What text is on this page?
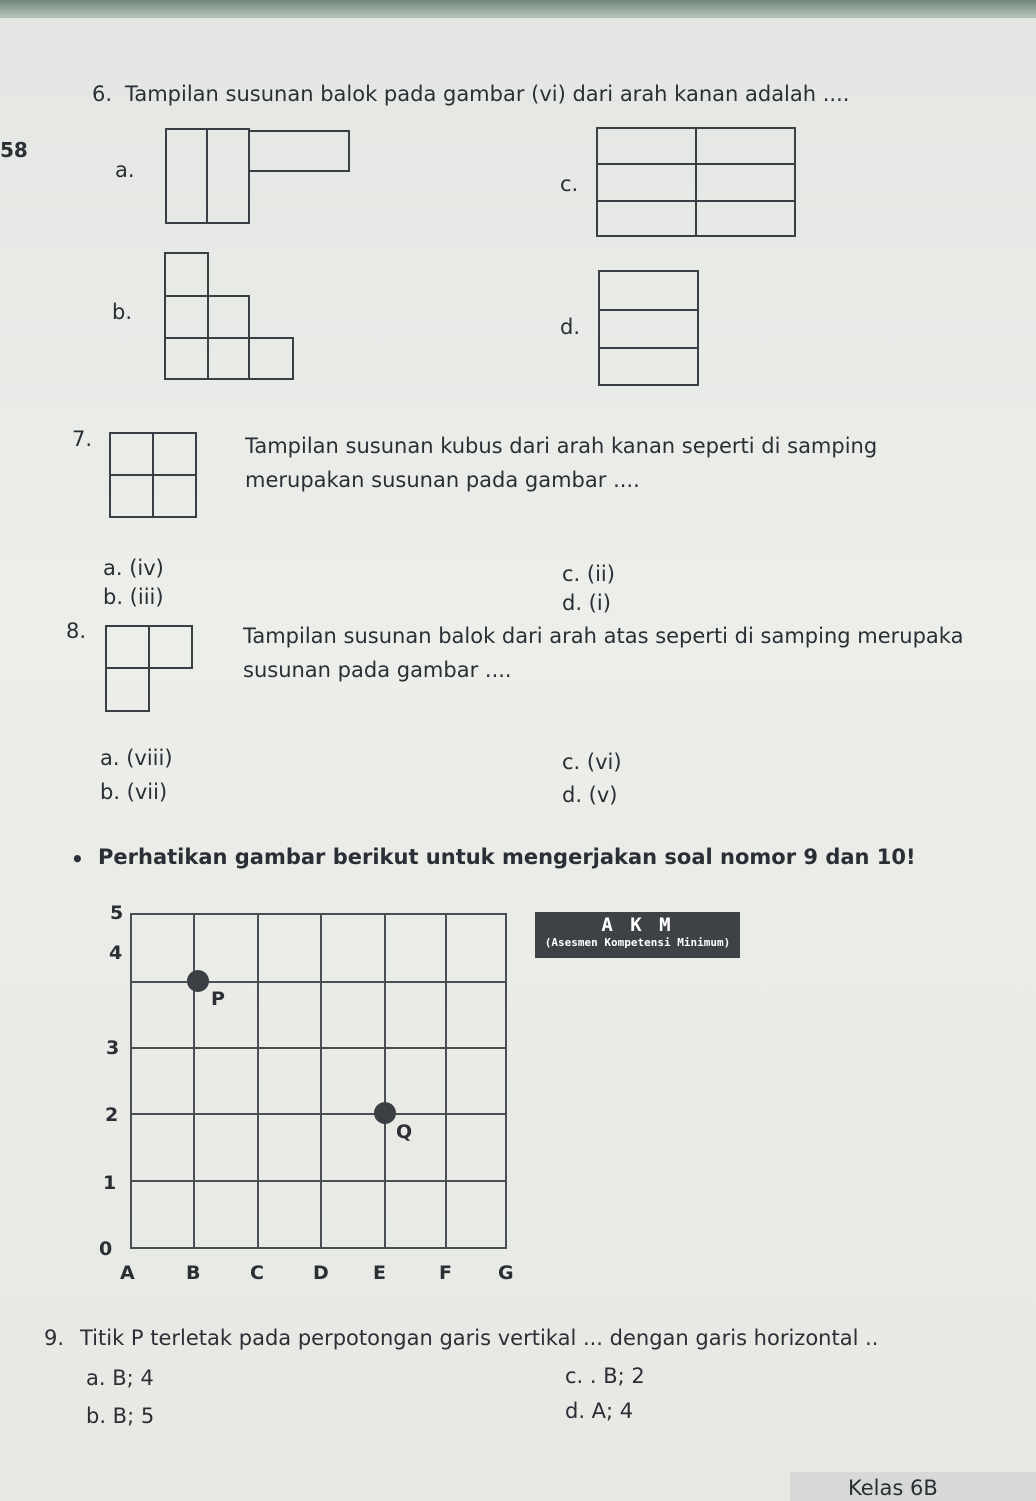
58
6. Tampilan susunan balok pada gambar (vi) dari arah kanan adalah ....
a.
c.
b.
d.
7.	Tampilan susunan kubus dari arah kanan seperti di samping
merupakan susunan pada gambar ....
a. (iv)
b. (iii)
c. (ii)
d. (i)
8.	Tampilan susunan balok dari arah atas seperti di samping merupaka
susunan pada gambar ....
a. (viii)
b. (vii)
c. (vi)
d. (v)
• Perhatikan gambar berikut untuk mengerjakan soal nomor 9 dan 10!
0
1
2
3
4
5
A	B	C	D E	F G
P
Q
A K M
(Asesmen Kompetensi Minimum)
9. Titik P terletak pada perpotongan garis vertikal ... dengan garis horizontal ..
a. B; 4
b. B; 5
c. . B; 2
d. A; 4
Kelas 6B
